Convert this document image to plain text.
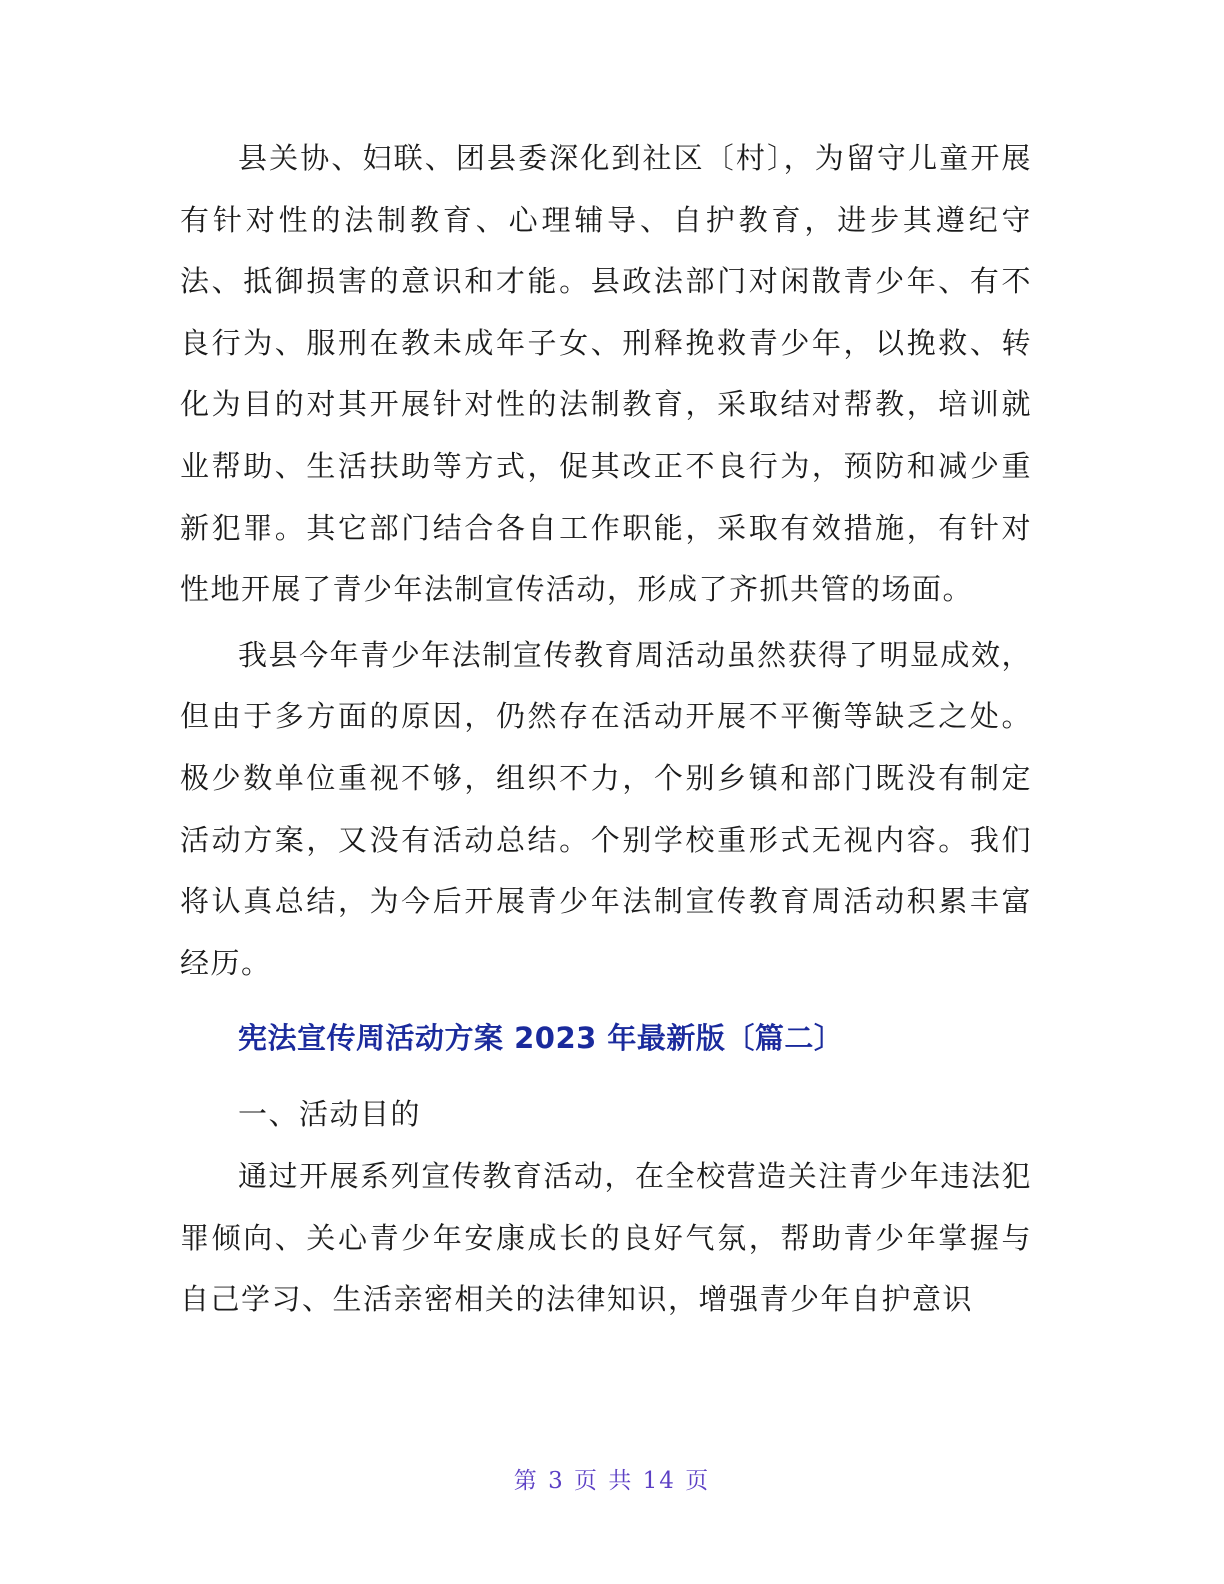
县关协、妇联、团县委深化到社区〔村〕，为留守儿童开展有针对性的法制教育、心理辅导、自护教育，进步其遵纪守法、抵御损害的意识和才能。县政法部门对闲散青少年、有不良行为、服刑在教未成年子女、刑释挽救青少年，以挽救、转化为目的对其开展针对性的法制教育，采取结对帮教，培训就业帮助、生活扶助等方式，促其改正不良行为，预防和减少重新犯罪。其它部门结合各自工作职能，采取有效措施，有针对性地开展了青少年法制宣传活动，形成了齐抓共管的场面。

我县今年青少年法制宣传教育周活动虽然获得了明显成效，但由于多方面的原因，仍然存在活动开展不平衡等缺乏之处。极少数单位重视不够，组织不力，个别乡镇和部门既没有制定活动方案，又没有活动总结。个别学校重形式无视内容。我们将认真总结，为今后开展青少年法制宣传教育周活动积累丰富经历。

宪法宣传周活动方案 2023 年最新版〔篇二〕

一、活动目的

通过开展系列宣传教育活动，在全校营造关注青少年违法犯罪倾向、关心青少年安康成长的良好气氛，帮助青少年掌握与自己学习、生活亲密相关的法律知识，增强青少年自护意识

第 3 页 共 14 页
